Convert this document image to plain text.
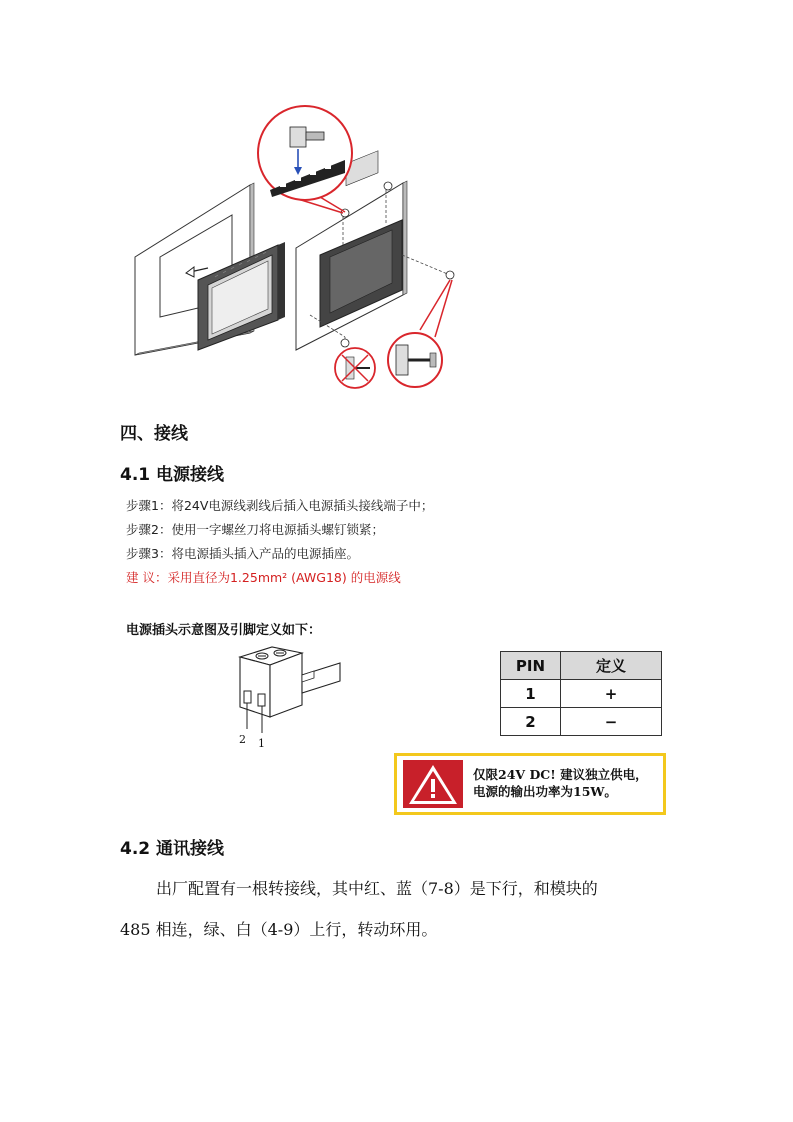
四、接线
4.1 电源接线
步骤1：将24V电源线剥线后插入电源插头接线端子中；
步骤2：使用一字螺丝刀将电源插头螺钉锁紧；
步骤3：将电源插头插入产品的电源插座。
建 议：采用直径为1.25mm² (AWG18) 的电源线
电源插头示意图及引脚定义如下：
2 1
PIN	定义
1	+
2	−
仅限24V DC! 建议独立供电，
电源的输出功率为15W。
4.2 通讯接线
出厂配置有一根转接线，其中红、蓝（7-8）是下行，和模块的
485 相连，绿、白（4-9）上行，转动环用。
